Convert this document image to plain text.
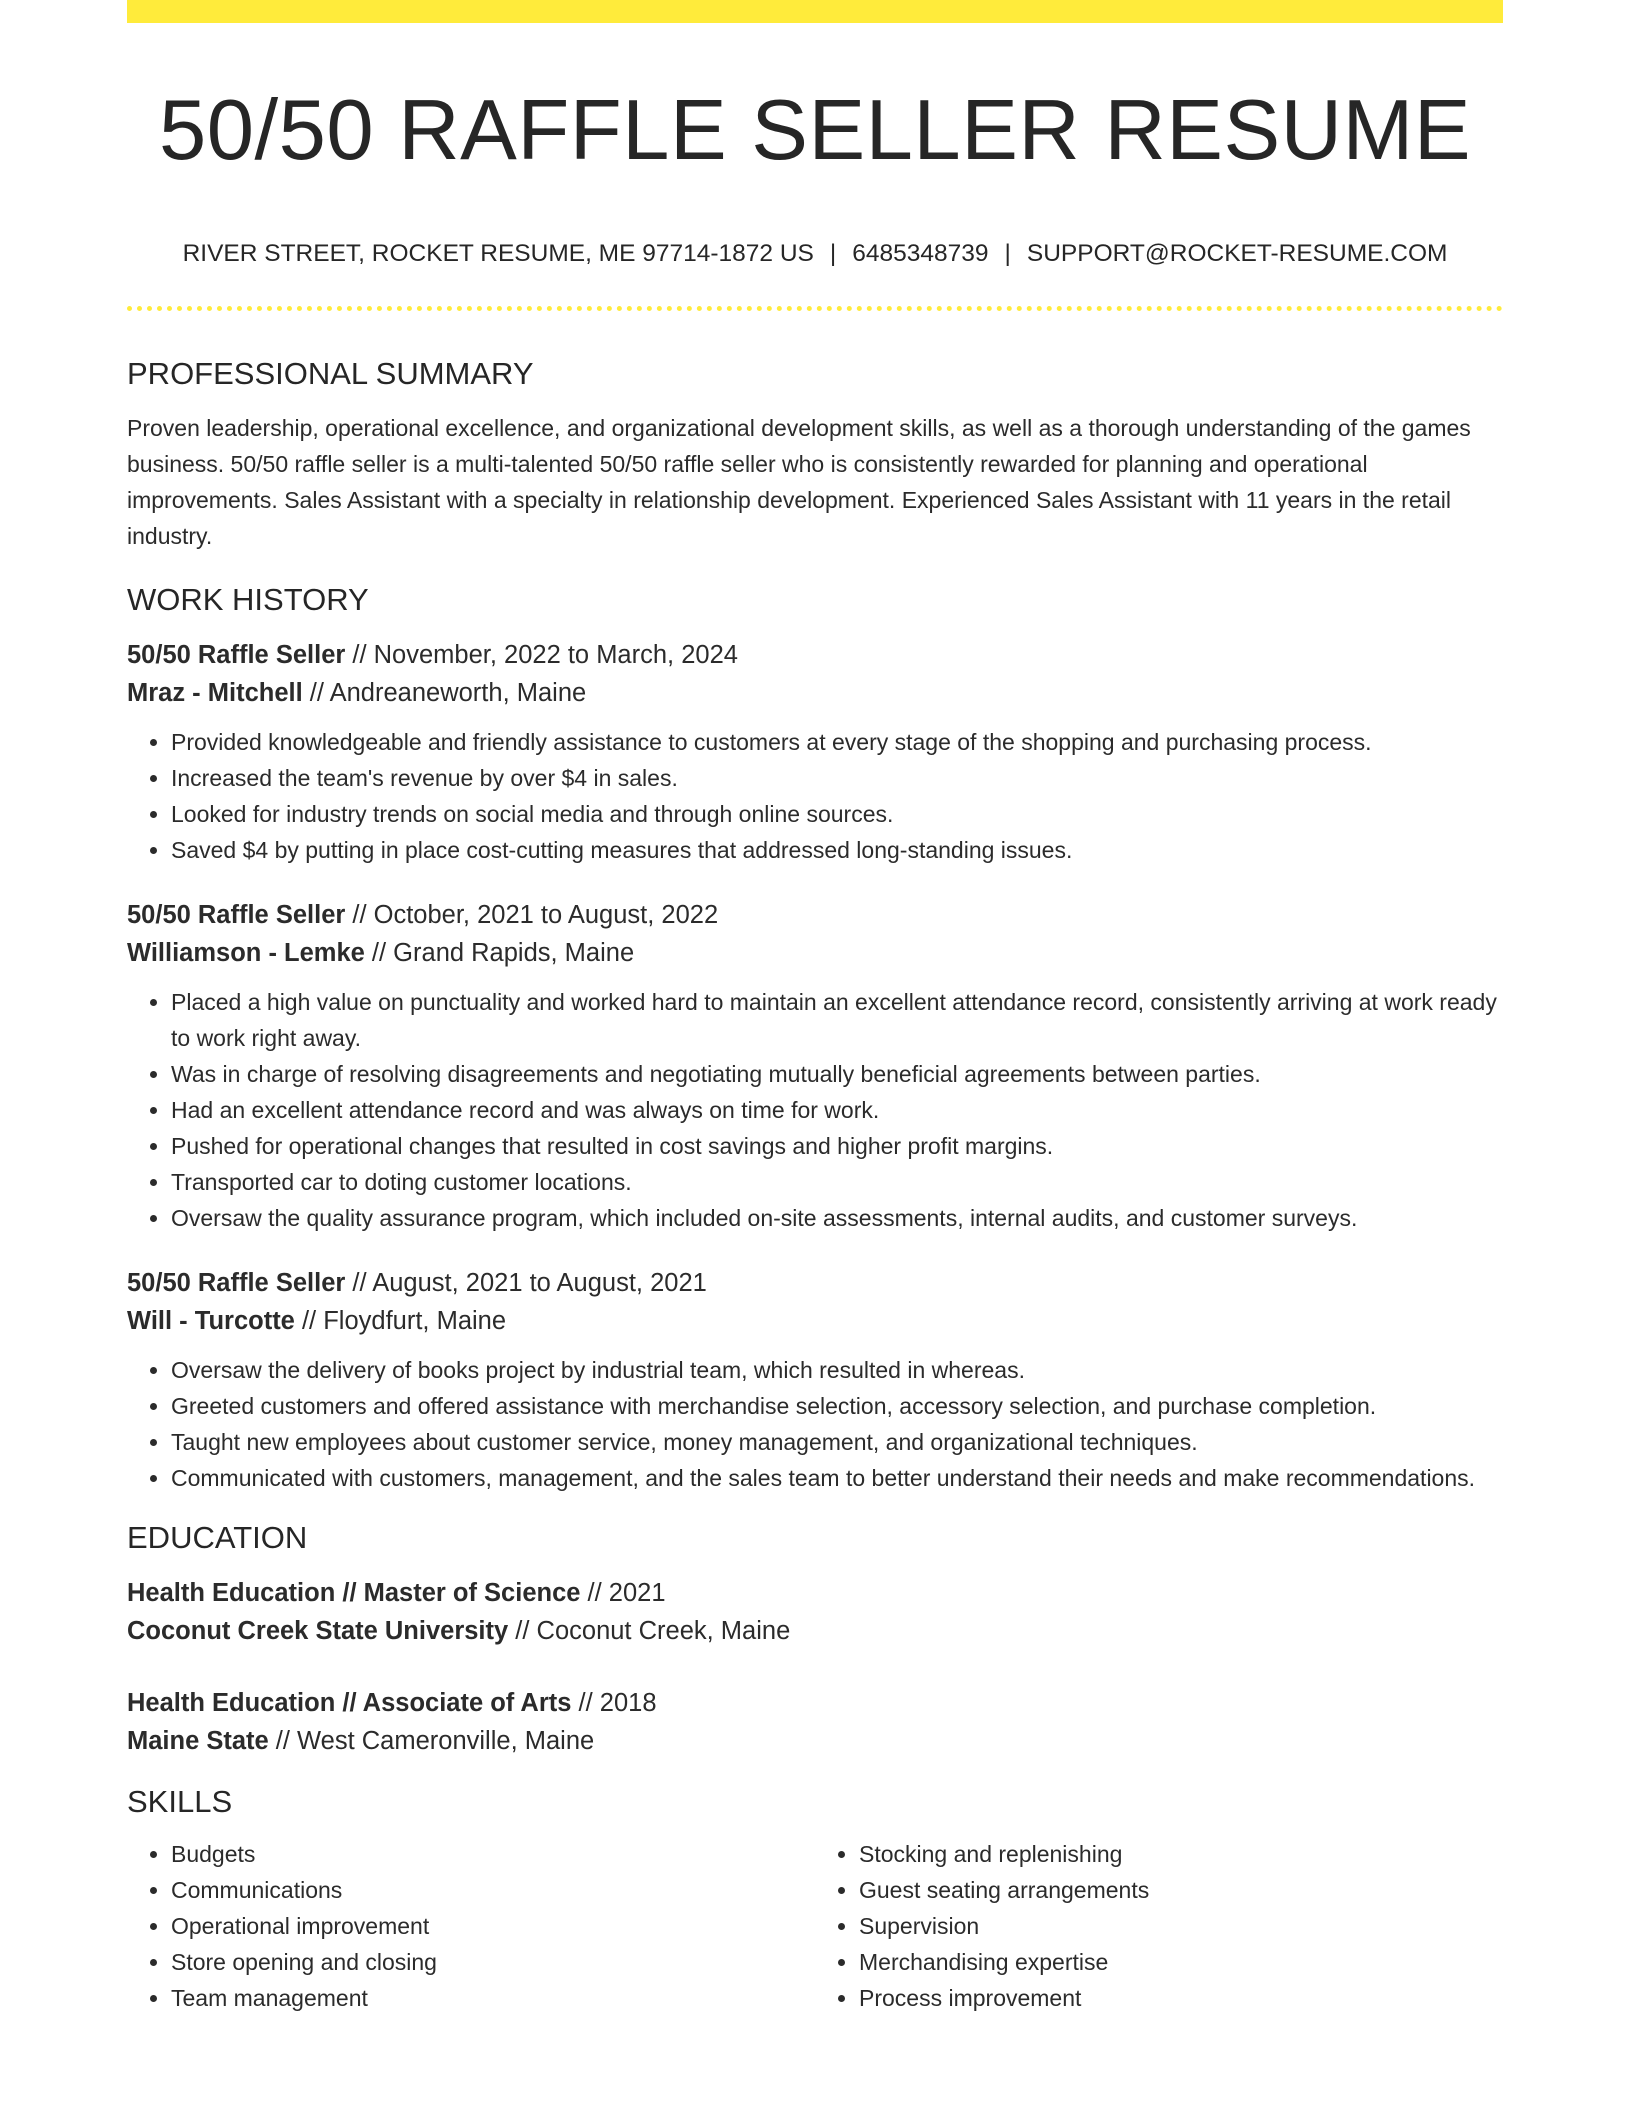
50/50 RAFFLE SELLER RESUME
RIVER STREET, ROCKET RESUME, ME 97714-1872 US | 6485348739 | SUPPORT@ROCKET-RESUME.COM
PROFESSIONAL SUMMARY

Proven leadership, operational excellence, and organizational development skills, as well as a thorough understanding of the games business. 50/50 raffle seller is a multi-talented 50/50 raffle seller who is consistently rewarded for planning and operational improvements. Sales Assistant with a specialty in relationship development. Experienced Sales Assistant with 11 years in the retail industry.

WORK HISTORY
50/50 Raffle Seller // November, 2022 to March, 2024
Mraz - Mitchell // Andreaneworth, Maine
• Provided knowledgeable and friendly assistance to customers at every stage of the shopping and purchasing process.
• Increased the team's revenue by over $4 in sales.
• Looked for industry trends on social media and through online sources.
• Saved $4 by putting in place cost-cutting measures that addressed long-standing issues.
50/50 Raffle Seller // October, 2021 to August, 2022
Williamson - Lemke // Grand Rapids, Maine
• Placed a high value on punctuality and worked hard to maintain an excellent attendance record, consistently arriving at work ready to work right away.
• Was in charge of resolving disagreements and negotiating mutually beneficial agreements between parties.
• Had an excellent attendance record and was always on time for work.
• Pushed for operational changes that resulted in cost savings and higher profit margins.
• Transported car to doting customer locations.
• Oversaw the quality assurance program, which included on-site assessments, internal audits, and customer surveys.
50/50 Raffle Seller // August, 2021 to August, 2021
Will - Turcotte // Floydfurt, Maine
• Oversaw the delivery of books project by industrial team, which resulted in whereas.
• Greeted customers and offered assistance with merchandise selection, accessory selection, and purchase completion.
• Taught new employees about customer service, money management, and organizational techniques.
• Communicated with customers, management, and the sales team to better understand their needs and make recommendations.
EDUCATION
Health Education // Master of Science // 2021
Coconut Creek State University // Coconut Creek, Maine
Health Education // Associate of Arts // 2018
Maine State // West Cameronville, Maine
SKILLS
• Budgets
• Communications
• Operational improvement
• Store opening and closing
• Team management
• Stocking and replenishing
• Guest seating arrangements
• Supervision
• Merchandising expertise
• Process improvement
